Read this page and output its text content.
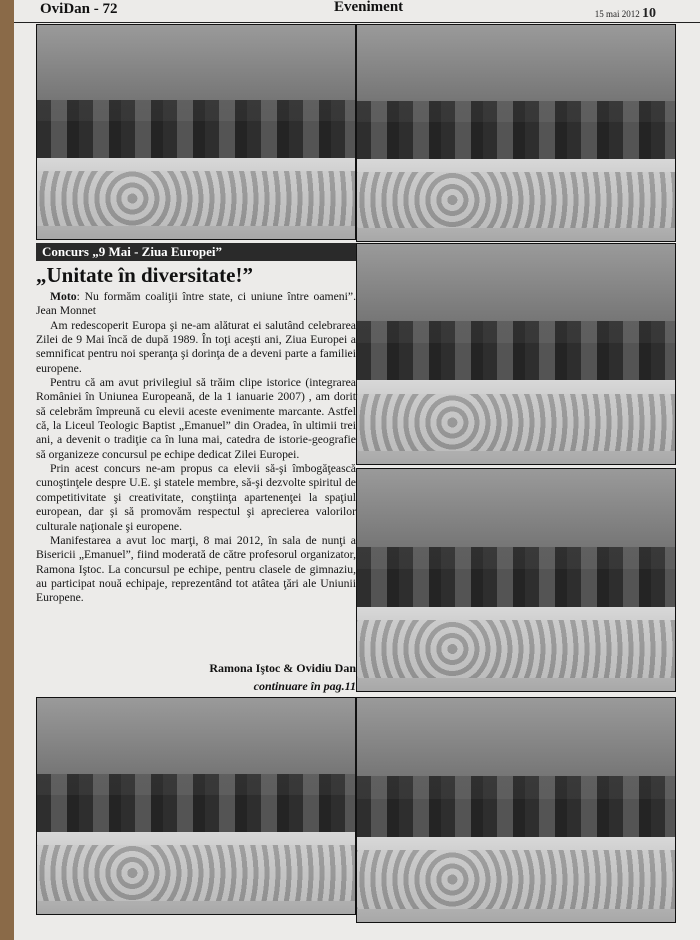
OviDan - 72	Eveniment	15 mai 2012 10
Concurs „9 Mai - Ziua Europei”
„Unitate în diversitate!”

Moto: Nu formăm coaliţii între state, ci uniune între oameni”. Jean Monnet

Am redescoperit Europa şi ne-am alăturat ei salutând celebrarea Zilei de 9 Mai încă de după 1989. În toţi aceşti ani, Ziua Europei a semnificat pentru noi speranţa şi dorinţa de a deveni parte a familiei europene.

Pentru că am avut privilegiul să trăim clipe istorice (integrarea României în Uniunea Europeană, de la 1 ianuarie 2007) , am dorit să celebrăm împreună cu elevii aceste evenimente marcante. Astfel că, la Liceul Teologic Baptist „Emanuel” din Oradea, în ultimii trei ani, a devenit o tradiţie ca în luna mai, catedra de istorie-geografie să organizeze concursul pe echipe dedicat Zilei Europei.

Prin acest concurs ne-am propus ca elevii să-şi îmbogăţească cunoştinţele despre U.E. şi statele membre, să-şi dezvolte spiritul de competitivitate şi creativitate, conştiinţa apartenenţei la spaţiul european, dar şi să promovăm respectul şi aprecierea valorilor culturale naţionale şi europene.

Manifestarea a avut loc marţi, 8 mai 2012, în sala de nunţi a Bisericii „Emanuel”, fiind moderată de către profesorul organizator, Ramona Iştoc. La concursul pe echipe, pentru clasele de gimnaziu, au participat nouă echipaje, reprezentând tot atâtea ţări ale Uniunii Europene.

Ramona Iştoc & Ovidiu Dan
continuare în pag.11
